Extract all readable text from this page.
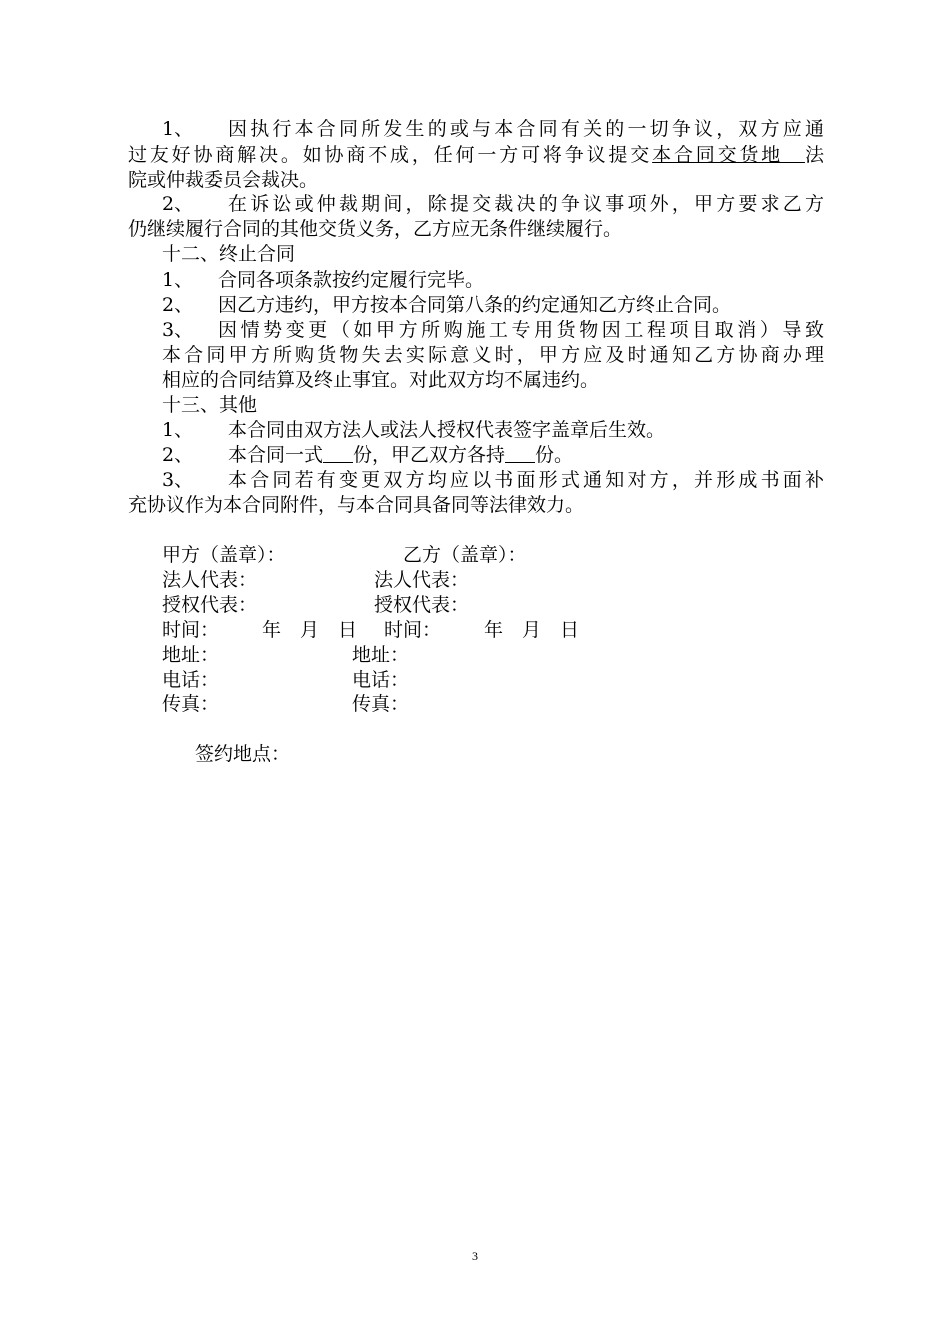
1、 因执行本合同所发生的或与本合同有关的一切争议，双方应通
过友好协商解决。如协商不成，任何一方可将争议提交本合同交货地　法
院或仲裁委员会裁决。
2、 在诉讼或仲裁期间，除提交裁决的争议事项外，甲方要求乙方
仍继续履行合同的其他交货义务，乙方应无条件继续履行。
十二、终止合同
1、 合同各项条款按约定履行完毕。
2、 因乙方违约，甲方按本合同第八条的约定通知乙方终止合同。
3、 因情势变更（如甲方所购施工专用货物因工程项目取消）导致
本合同甲方所购货物失去实际意义时，甲方应及时通知乙方协商办理
相应的合同结算及终止事宜。对此双方均不属违约。
十三、其他
1、 本合同由双方法人或法人授权代表签字盖章后生效。
2、 本合同一式 份，甲乙双方各持 份。
3、 本合同若有变更双方均应以书面形式通知对方，并形成书面补
充协议作为本合同附件，与本合同具备同等法律效力。
甲方（盖章）：	乙方（盖章）：
法人代表：	法人代表：
授权代表：	授权代表：
时间： 年　月　日 时间： 年　月　日
地址：	地址：
电话：	电话：
传真：	传真：
签约地点：
3
